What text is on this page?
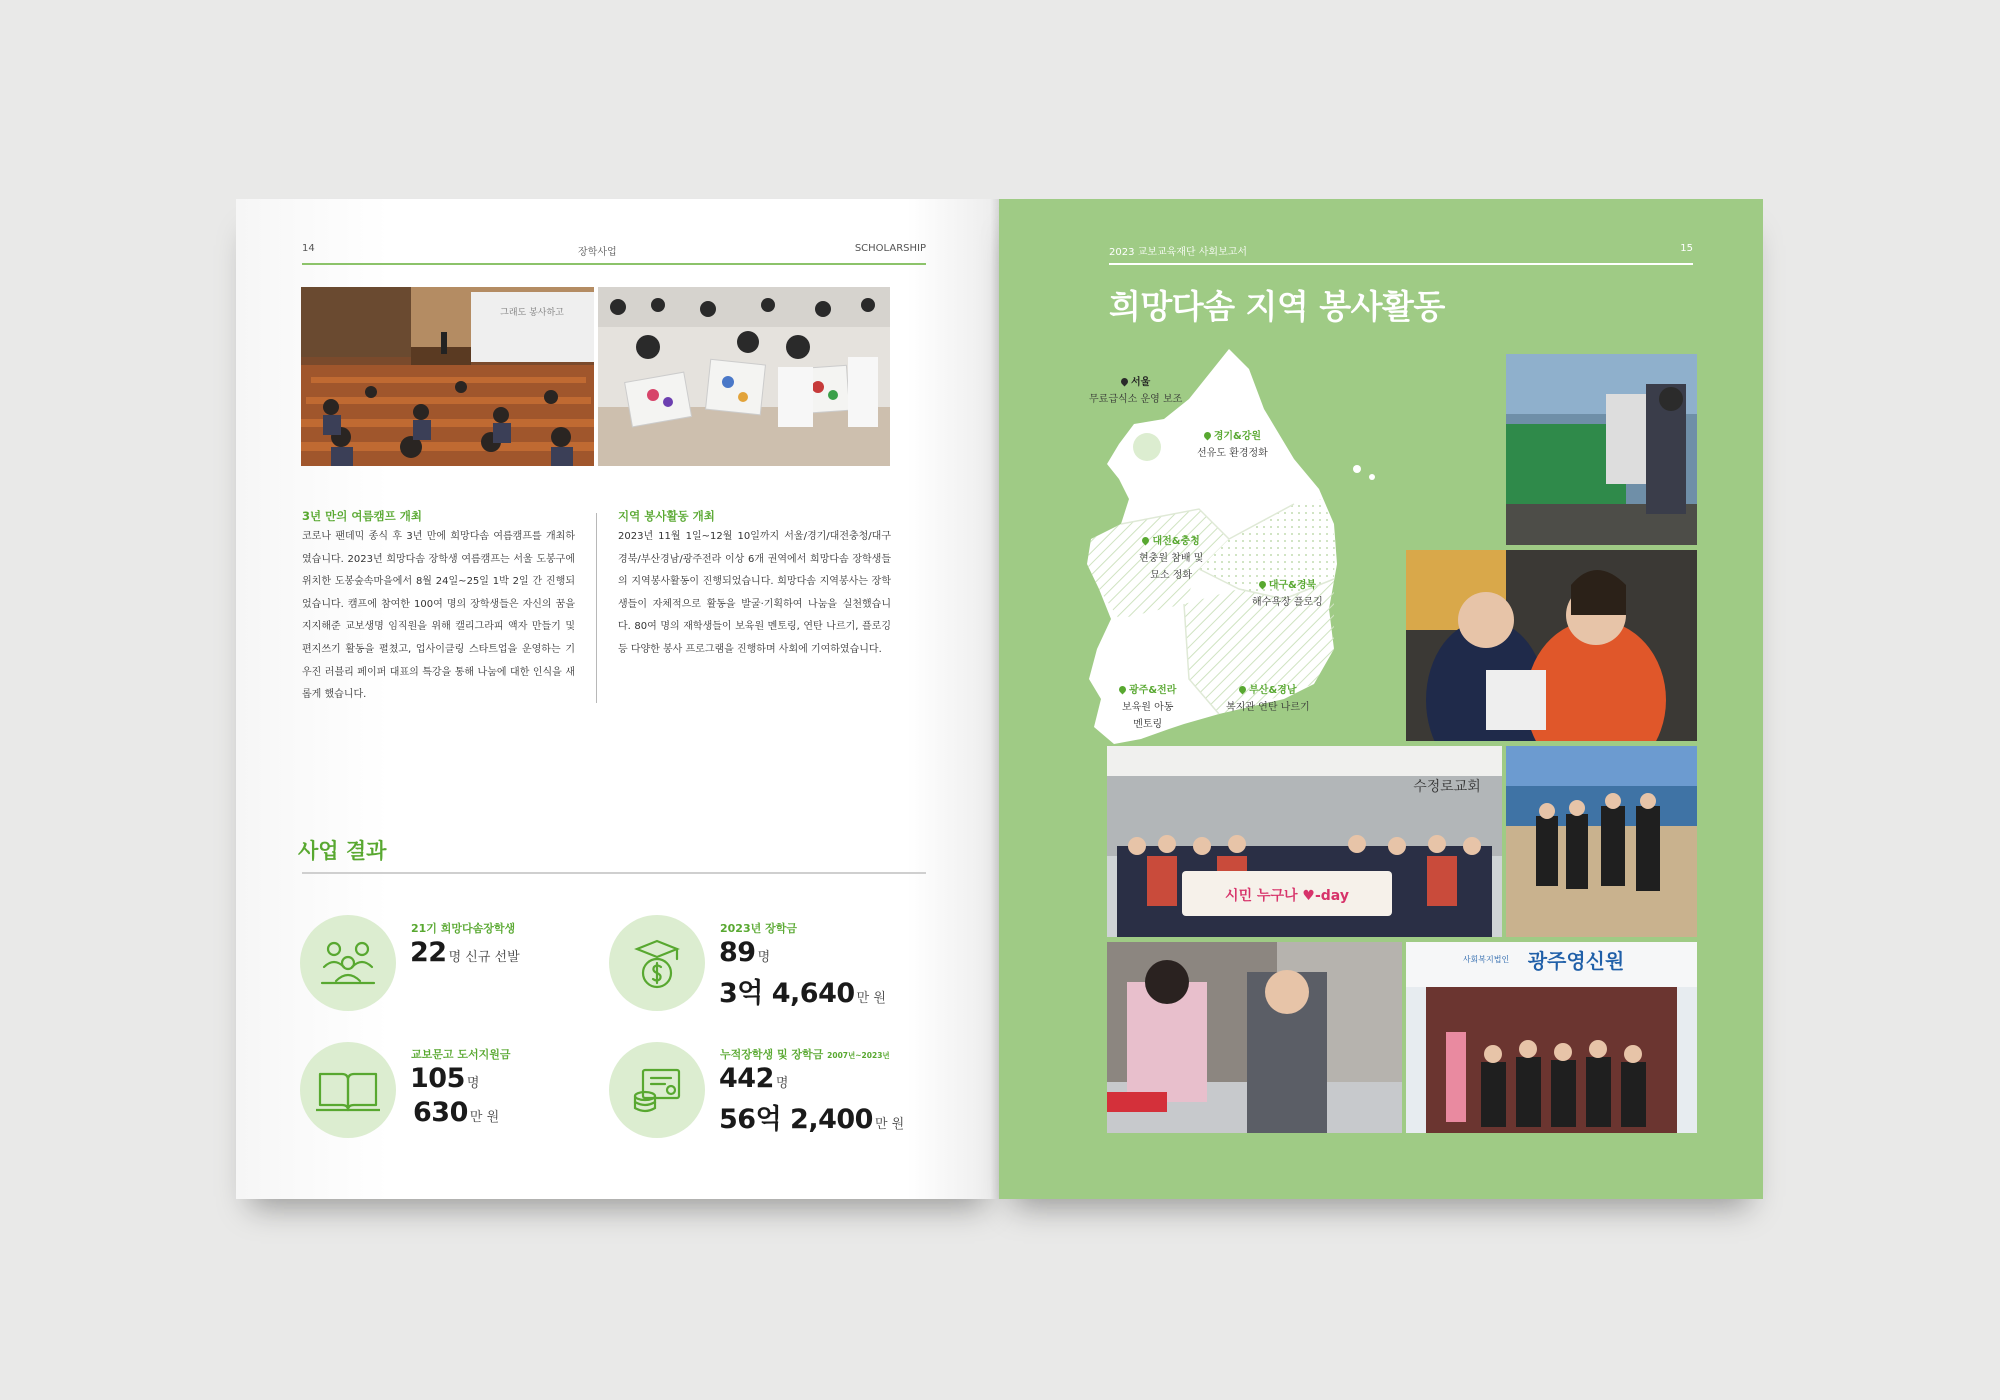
14	장학사업	SCHOLARSHIP
그래도 봉사하고
3년 만의 여름캠프 개최
코로나 팬데믹 종식 후 3년 만에 희망다솜 여름캠프를 개최하였습니다. 2023년 희망다솜 장학생 여름캠프는 서울 도봉구에 위치한 도봉숲속마을에서 8월 24일~25일 1박 2일 간 진행되었습니다. 캠프에 참여한 100여 명의 장학생들은 자신의 꿈을 지지해준 교보생명 임직원을 위해 캘리그라피 액자 만들기 및 편지쓰기 활동을 펼쳤고, 업사이클링 스타트업을 운영하는 기우진 러블리 페이퍼 대표의 특강을 통해 나눔에 대한 인식을 새롭게 했습니다.
지역 봉사활동 개최
2023년 11월 1일~12월 10일까지 서울/경기/대전충청/대구경북/부산경남/광주전라 이상 6개 권역에서 희망다솜 장학생들의 지역봉사활동이 진행되었습니다. 희망다솜 지역봉사는 장학생들이 자체적으로 활동을 발굴·기획하여 나눔을 실천했습니다. 80여 명의 재학생들이 보육원 멘토링, 연탄 나르기, 플로깅 등 다양한 봉사 프로그램을 진행하며 사회에 기여하였습니다.
사업 결과
21기 희망다솜장학생
22 명 신규 선발
2023년 장학금
89 명
3억 4,640 만 원
교보문고 도서지원금
105 명
630 만 원
누적장학생 및 장학금 2007년~2023년
442 명
56억 2,400 만 원
2023 교보교육재단 사회보고서	15
희망다솜 지역 봉사활동
서울
무료급식소 운영 보조
경기&강원
선유도 환경정화
대전&충청
현충원 참배 및
묘소 정화
대구&경북
해수욕장 플로깅
광주&전라
보육원 아동
멘토링
부산&경남
복지관 연탄 나르기
수정로교회
시민 누구나 ♥-day
사회복지법인 광주영신원
